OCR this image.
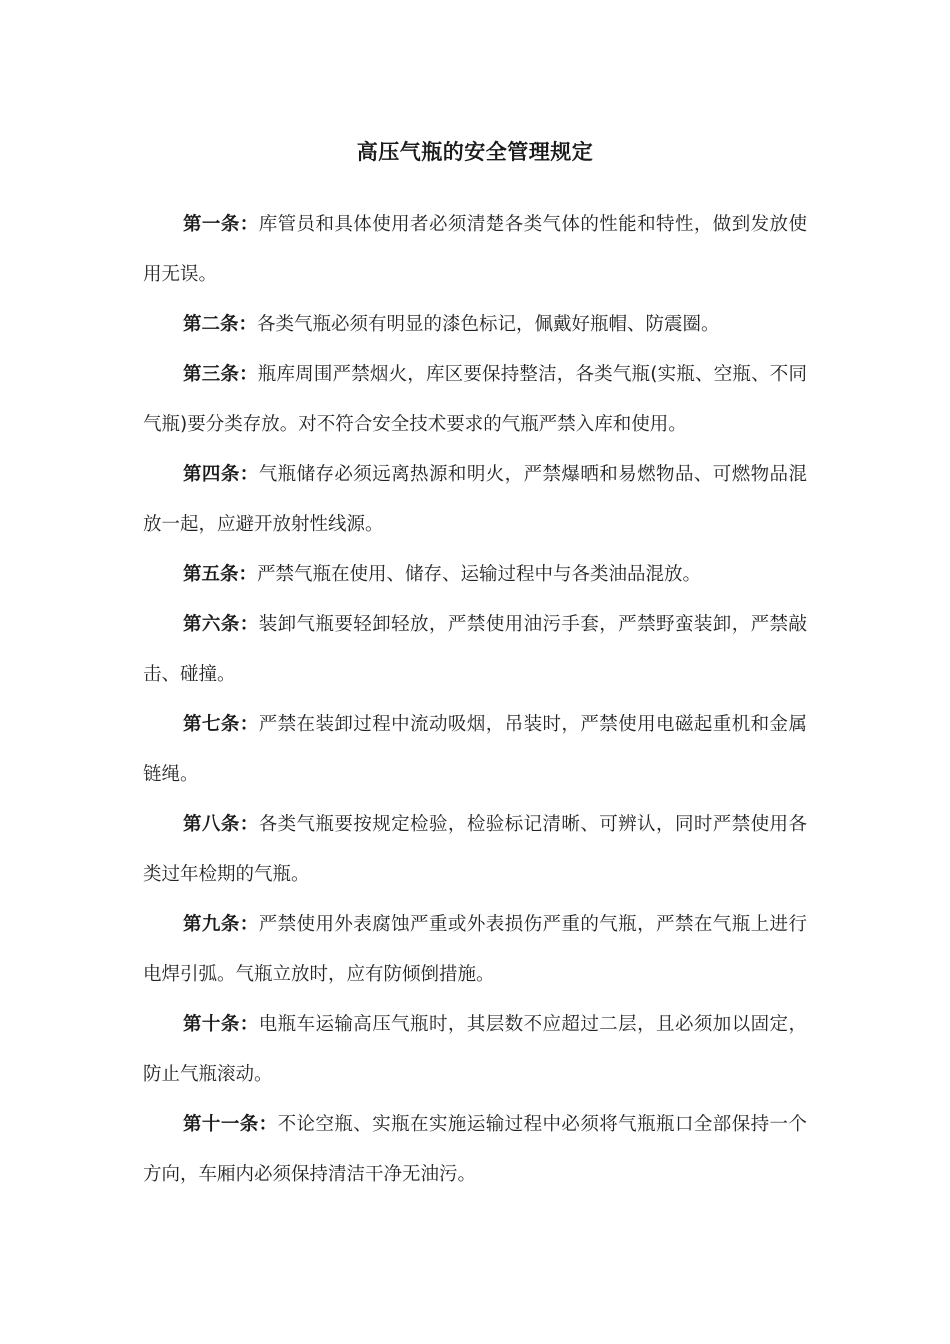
高压气瓶的安全管理规定

第一条：库管员和具体使用者必须清楚各类气体的性能和特性，做到发放使用无误。

第二条：各类气瓶必须有明显的漆色标记，佩戴好瓶帽、防震圈。

第三条：瓶库周围严禁烟火，库区要保持整洁，各类气瓶(实瓶、空瓶、不同气瓶)要分类存放。对不符合安全技术要求的气瓶严禁入库和使用。

第四条：气瓶储存必须远离热源和明火，严禁爆晒和易燃物品、可燃物品混放一起，应避开放射性线源。

第五条：严禁气瓶在使用、储存、运输过程中与各类油品混放。

第六条：装卸气瓶要轻卸轻放，严禁使用油污手套，严禁野蛮装卸，严禁敲击、碰撞。

第七条：严禁在装卸过程中流动吸烟，吊装时，严禁使用电磁起重机和金属链绳。

第八条：各类气瓶要按规定检验，检验标记清晰、可辨认，同时严禁使用各类过年检期的气瓶。

第九条：严禁使用外表腐蚀严重或外表损伤严重的气瓶，严禁在气瓶上进行电焊引弧。气瓶立放时，应有防倾倒措施。

第十条：电瓶车运输高压气瓶时，其层数不应超过二层，且必须加以固定，防止气瓶滚动。

第十一条：不论空瓶、实瓶在实施运输过程中必须将气瓶瓶口全部保持一个方向，车厢内必须保持清洁干净无油污。
